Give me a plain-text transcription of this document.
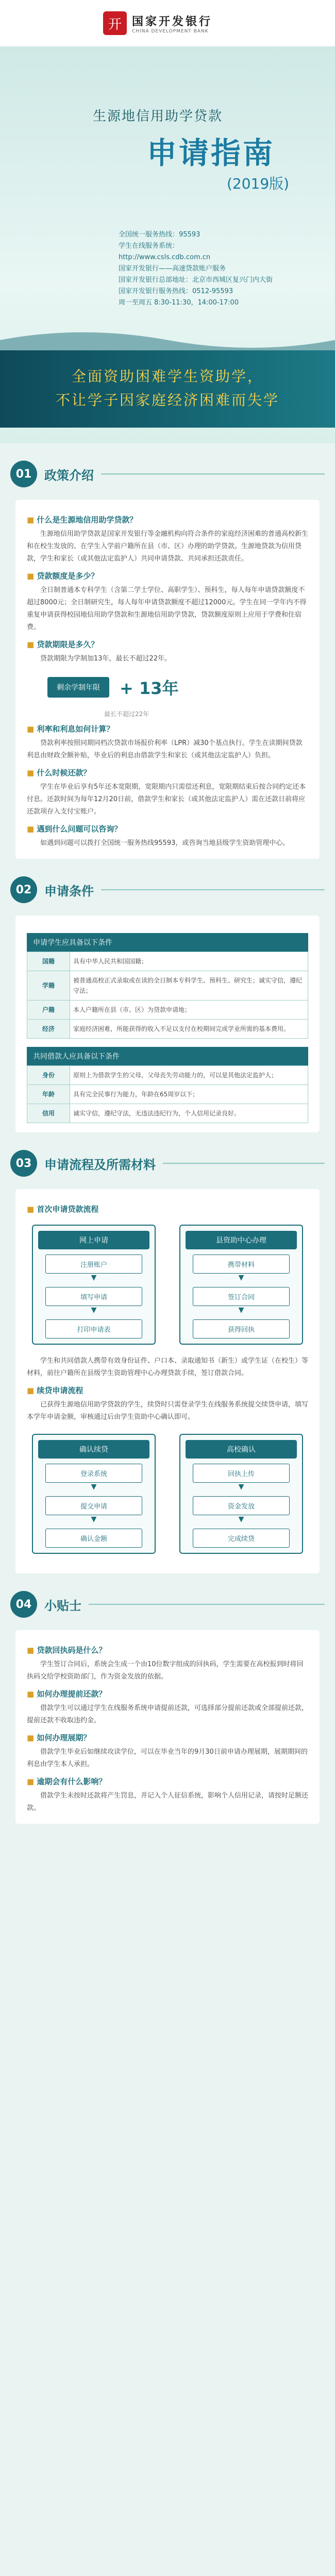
开 国家开发银行
CHINA DEVELOPMENT BANK
生源地信用助学贷款
申请指南
(2019版)
全国统一服务热线：95593
学生在线服务系统：
http://www.csls.cdb.com.cn
国家开发银行——高速贷款账户服务
国家开发银行总部地址：北京市西城区复兴门内大街
国家开发银行服务热线：0512-95593
周一至周五 8:30-11:30，14:00-17:00
全面资助困难学生资助学，
不让学子因家庭经济困难而失学
01	政策介绍
■ 什么是生源地信用助学贷款？
生源地信用助学贷款是国家开发银行等金融机构向符合条件的家庭经济困难的普通高校新生和在校生发放的、在学生入学前户籍所在县（市、区）办理的助学贷款。生源地贷款为信用贷款，学生和家长（或其他法定监护人）共同申请贷款、共同承担还款责任。
■ 贷款额度是多少？
全日制普通本专科学生（含第二学士学位、高职学生）、预科生，每人每年申请贷款额度不超过8000元；全日制研究生，每人每年申请贷款额度不超过12000元。学生在同一学年内不得重复申请获得校园地信用助学贷款和生源地信用助学贷款，贷款额度原则上应用于学费和住宿费。
■ 贷款期限是多久？
贷款期限为学制加13年，最长不超过22年。
剩余学制年限	+ 13年
最长不超过22年
■ 利率和利息如何计算？
贷款利率按照同期同档次贷款市场报价利率（LPR）减30个基点执行。学生在读期间贷款利息由财政全额补贴，毕业后的利息由借款学生和家长（或其他法定监护人）负担。
■ 什么时候还款？
学生在毕业后享有5年还本宽限期，宽限期内只需偿还利息，宽限期结束后按合同约定还本付息。还款时间为每年12月20日前，借款学生和家长（或其他法定监护人）需在还款日前将应还款项存入支付宝账户。
■ 遇到什么问题可以咨询？
如遇到问题可以拨打全国统一服务热线95593，或咨询当地县级学生资助管理中心。
02	申请条件
申请学生应具备以下条件
国籍	具有中华人民共和国国籍；
学籍	被普通高校正式录取或在读的全日制本专科学生、预科生、研究生；诚实守信，遵纪守法；
户籍	本人户籍所在县（市、区）为贷款申请地；
经济	家庭经济困难，所能获得的收入不足以支付在校期间完成学业所需的基本费用。
共同借款人应具备以下条件
身份	原则上为借款学生的父母，父母丧失劳动能力的，可以是其他法定监护人；
年龄	具有完全民事行为能力，年龄在65周岁以下；
信用	诚实守信，遵纪守法，无违法违纪行为，个人信用记录良好。
03	申请流程及所需材料
■ 首次申请贷款流程
网上申请
注册账户
▼
填写申请
▼
打印申请表
县资助中心办理
携带材料
▼
签订合同
▼
获得回执
学生和共同借款人携带有效身份证件、户口本、录取通知书（新生）或学生证（在校生）等材料，前往户籍所在县级学生资助管理中心办理贷款手续，签订借款合同。
■ 续贷申请流程
已获得生源地信用助学贷款的学生，续贷时只需登录学生在线服务系统提交续贷申请，填写本学年申请金额，审核通过后由学生资助中心确认即可。
确认续贷
登录系统
▼
提交申请
▼
确认金额
高校确认
回执上传
▼
资金发放
▼
完成续贷
04	小贴士
■ 贷款回执码是什么？
学生签订合同后，系统会生成一个由10位数字组成的回执码，学生需要在高校报到时将回执码交给学校资助部门，作为资金发放的依据。
■ 如何办理提前还款？
借款学生可以通过学生在线服务系统申请提前还款，可选择部分提前还款或全部提前还款，提前还款不收取违约金。
■ 如何办理展期？
借款学生毕业后如继续攻读学位，可以在毕业当年的9月30日前申请办理展期，展期期间的利息由学生本人承担。
■ 逾期会有什么影响？
借款学生未按时还款将产生罚息，并记入个人征信系统，影响个人信用记录，请按时足额还款。
